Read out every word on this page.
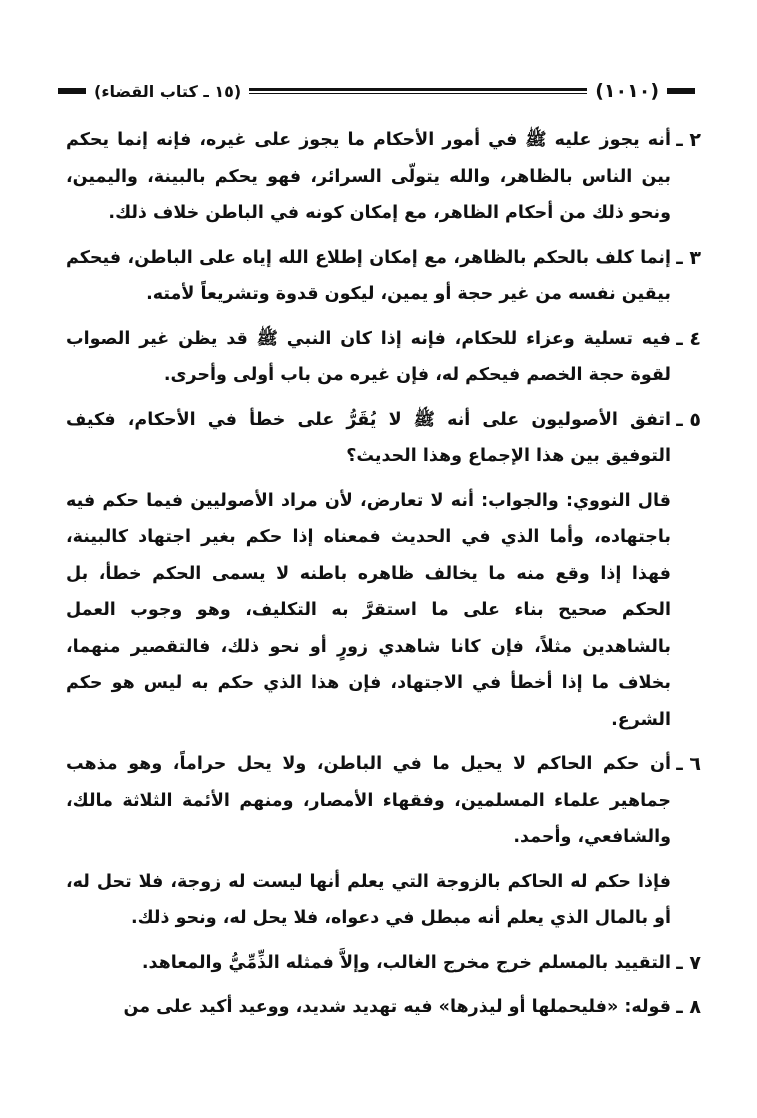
(١٠١٠)
(١٥ ـ كتاب القضاء)
٢ ـ
أنه يجوز عليه ﷺ في أمور الأحكام ما يجوز على غيره، فإنه إنما يحكم بين الناس بالظاهر، والله يتولّى السرائر، فهو يحكم بالبينة، واليمين، ونحو ذلك من أحكام الظاهر، مع إمكان كونه في الباطن خلاف ذلك.
٣ ـ
إنما كلف بالحكم بالظاهر، مع إمكان إطلاع الله إياه على الباطن، فيحكم بيقين نفسه من غير حجة أو يمين، ليكون قدوة وتشريعاً لأمته.
٤ ـ
فيه تسلية وعزاء للحكام، فإنه إذا كان النبي ﷺ قد يظن غير الصواب لقوة حجة الخصم فيحكم له، فإن غيره من باب أولى وأحرى.
٥ ـ
اتفق الأصوليون على أنه ﷺ لا يُقَرُّ على خطأ في الأحكام، فكيف التوفيق بين هذا الإجماع وهذا الحديث؟
قال النووي: والجواب: أنه لا تعارض، لأن مراد الأصوليين فيما حكم فيه باجتهاده، وأما الذي في الحديث فمعناه إذا حكم بغير اجتهاد كالبينة، فهذا إذا وقع منه ما يخالف ظاهره باطنه لا يسمى الحكم خطأ، بل الحكم صحيح بناء على ما استقرَّ به التكليف، وهو وجوب العمل بالشاهدين مثلاً، فإن كانا شاهدي زورٍ أو نحو ذلك، فالتقصير منهما، بخلاف ما إذا أخطأ في الاجتهاد، فإن هذا الذي حكم به ليس هو حكم الشرع.
٦ ـ
أن حكم الحاكم لا يحيل ما في الباطن، ولا يحل حراماً، وهو مذهب جماهير علماء المسلمين، وفقهاء الأمصار، ومنهم الأئمة الثلاثة مالك، والشافعي، وأحمد.
فإذا حكم له الحاكم بالزوجة التي يعلم أنها ليست له زوجة، فلا تحل له، أو بالمال الذي يعلم أنه مبطل في دعواه، فلا يحل له، ونحو ذلك.
٧ ـ
التقييد بالمسلم خرج مخرج الغالب، وإلاَّ فمثله الذِّمِّيُّ والمعاهد.
٨ ـ
قوله: «فليحملها أو ليذرها» فيه تهديد شديد، ووعيد أكيد على من
